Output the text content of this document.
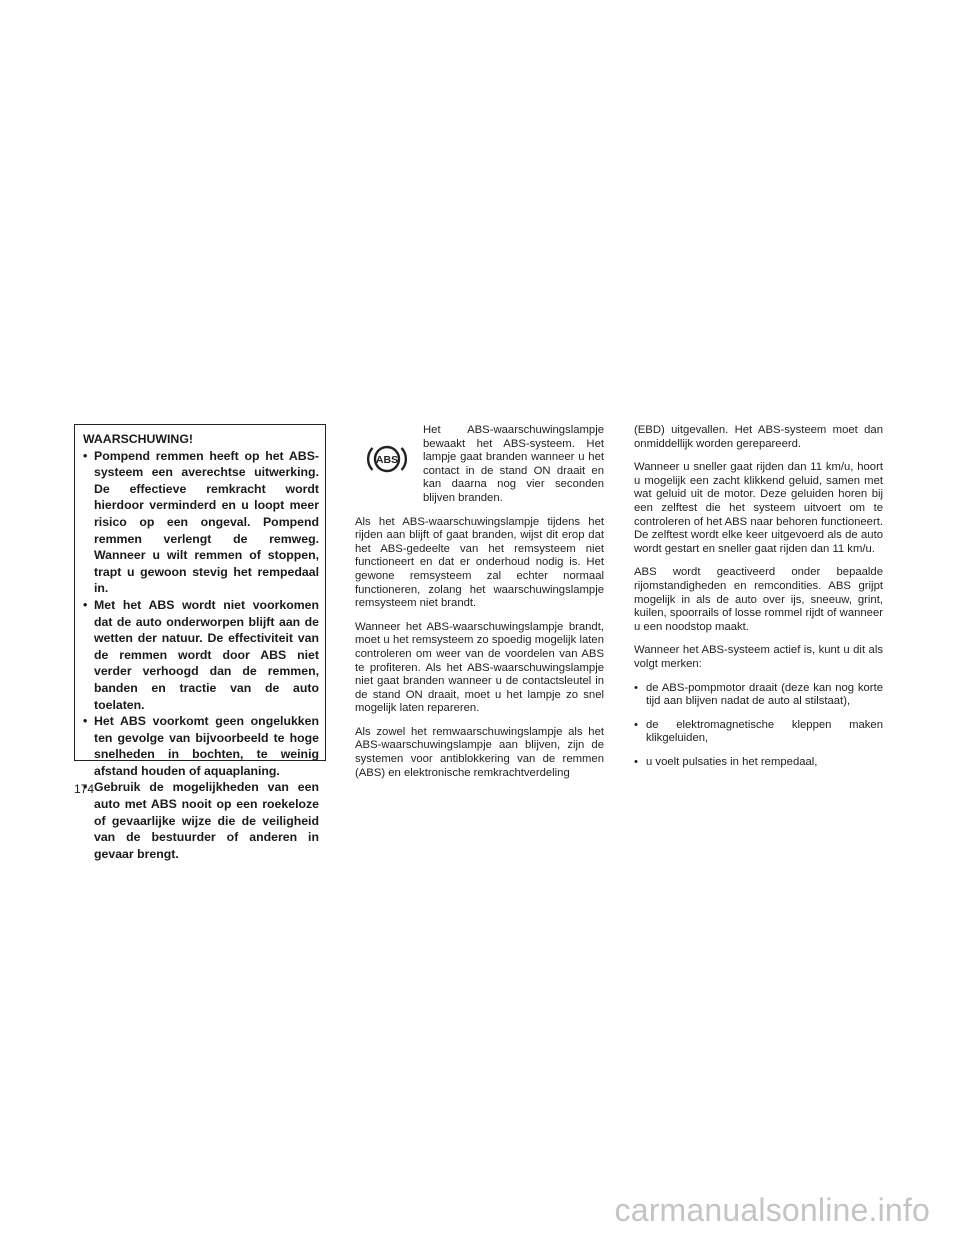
WAARSCHUWING!
• Pompend remmen heeft op het ABS-systeem een averechtse uitwerking. De effectieve remkracht wordt hierdoor verminderd en u loopt meer risico op een ongeval. Pompend remmen verlengt de remweg. Wanneer u wilt remmen of stoppen, trapt u gewoon stevig het rempedaal in.
• Met het ABS wordt niet voorkomen dat de auto onderworpen blijft aan de wetten der natuur. De effectiviteit van de remmen wordt door ABS niet verder verhoogd dan de remmen, banden en tractie van de auto toelaten.
• Het ABS voorkomt geen ongelukken ten gevolge van bijvoorbeeld te hoge snelheden in bochten, te weinig afstand houden of aquaplaning.
• Gebruik de mogelijkheden van een auto met ABS nooit op een roekeloze of gevaarlijke wijze die de veiligheid van de bestuurder of anderen in gevaar brengt.
ABS
Het ABS-waarschuwingslampje bewaakt het ABS-systeem. Het lampje gaat branden wanneer u het contact in de stand ON draait en kan daarna nog vier seconden blijven branden.

Als het ABS-waarschuwingslampje tijdens het rijden aan blijft of gaat branden, wijst dit erop dat het ABS-gedeelte van het remsysteem niet functioneert en dat er onderhoud nodig is. Het gewone remsysteem zal echter normaal functioneren, zolang het waarschuwingslampje remsysteem niet brandt.

Wanneer het ABS-waarschuwingslampje brandt, moet u het remsysteem zo spoedig mogelijk laten controleren om weer van de voordelen van ABS te profiteren. Als het ABS-waarschuwingslampje niet gaat branden wanneer u de contactsleutel in de stand ON draait, moet u het lampje zo snel mogelijk laten repareren.

Als zowel het remwaarschuwingslampje als het ABS-waarschuwingslampje aan blijven, zijn de systemen voor antiblokkering van de remmen (ABS) en elektronische remkrachtverdeling

(EBD) uitgevallen. Het ABS-systeem moet dan onmiddellijk worden gerepareerd.

Wanneer u sneller gaat rijden dan 11 km/u, hoort u mogelijk een zacht klikkend geluid, samen met wat geluid uit de motor. Deze geluiden horen bij een zelftest die het systeem uitvoert om te controleren of het ABS naar behoren functioneert. De zelftest wordt elke keer uitgevoerd als de auto wordt gestart en sneller gaat rijden dan 11 km/u.

ABS wordt geactiveerd onder bepaalde rijomstandigheden en remcondities. ABS grijpt mogelijk in als de auto over ijs, sneeuw, grint, kuilen, spoorrails of losse rommel rijdt of wanneer u een noodstop maakt.

Wanneer het ABS-systeem actief is, kunt u dit als volgt merken:

• de ABS-pompmotor draait (deze kan nog korte tijd aan blijven nadat de auto al stilstaat),
• de elektromagnetische kleppen maken klikgeluiden,
• u voelt pulsaties in het rempedaal,
174
carmanualsonline.info
